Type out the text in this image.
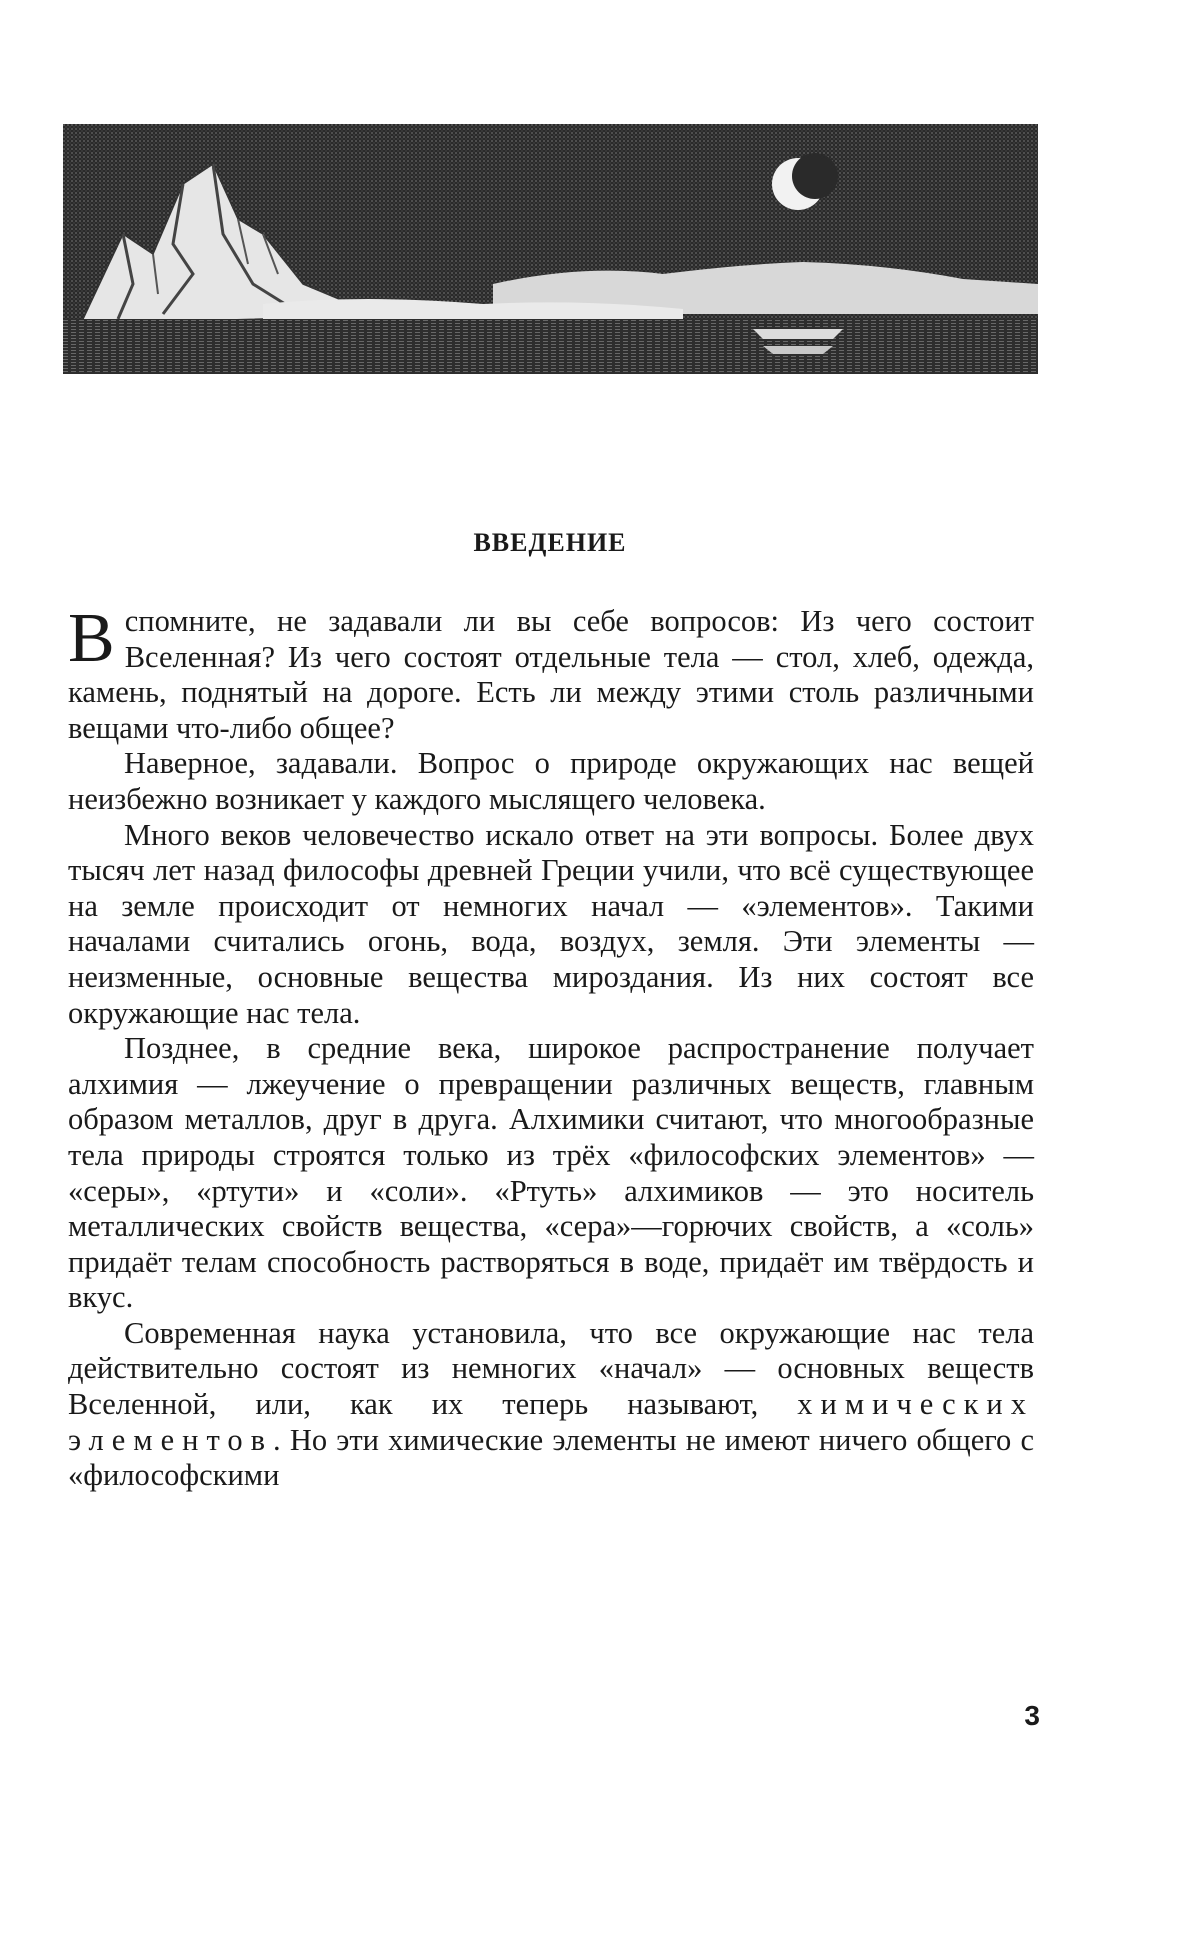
ВВЕДЕНИЕ

Вспомните, не задавали ли вы себе вопросов: Из чего состоит Вселенная? Из чего состоят отдельные тела — стол, хлеб, одежда, камень, поднятый на дороге. Есть ли между этими столь различными вещами что-либо общее?

Наверное, задавали. Вопрос о природе окружающих нас вещей неизбежно возникает у каждого мыслящего человека.

Много веков человечество искало ответ на эти вопросы. Более двух тысяч лет назад философы древней Греции учили, что всё существующее на земле происходит от немногих начал — «элементов». Такими началами считались огонь, вода, воздух, земля. Эти элементы — неизменные, основные вещества мироздания. Из них состоят все окружающие нас тела.

Позднее, в средние века, широкое распространение получает алхимия — лжеучение о превращении различных веществ, главным образом металлов, друг в друга. Алхимики считают, что многообразные тела природы строятся только из трёх «философских элементов» — «серы», «ртути» и «соли». «Ртуть» алхимиков — это носитель металлических свойств вещества, «сера»—горючих свойств, а «соль» придаёт телам способность растворяться в воде, придаёт им твёрдость и вкус.

Современная наука установила, что все окружающие нас тела действительно состоят из немногих «начал» — основных веществ Вселенной, или, как их теперь называют, химических элементов. Но эти химические элементы не имеют ничего общего с «философскими

3
